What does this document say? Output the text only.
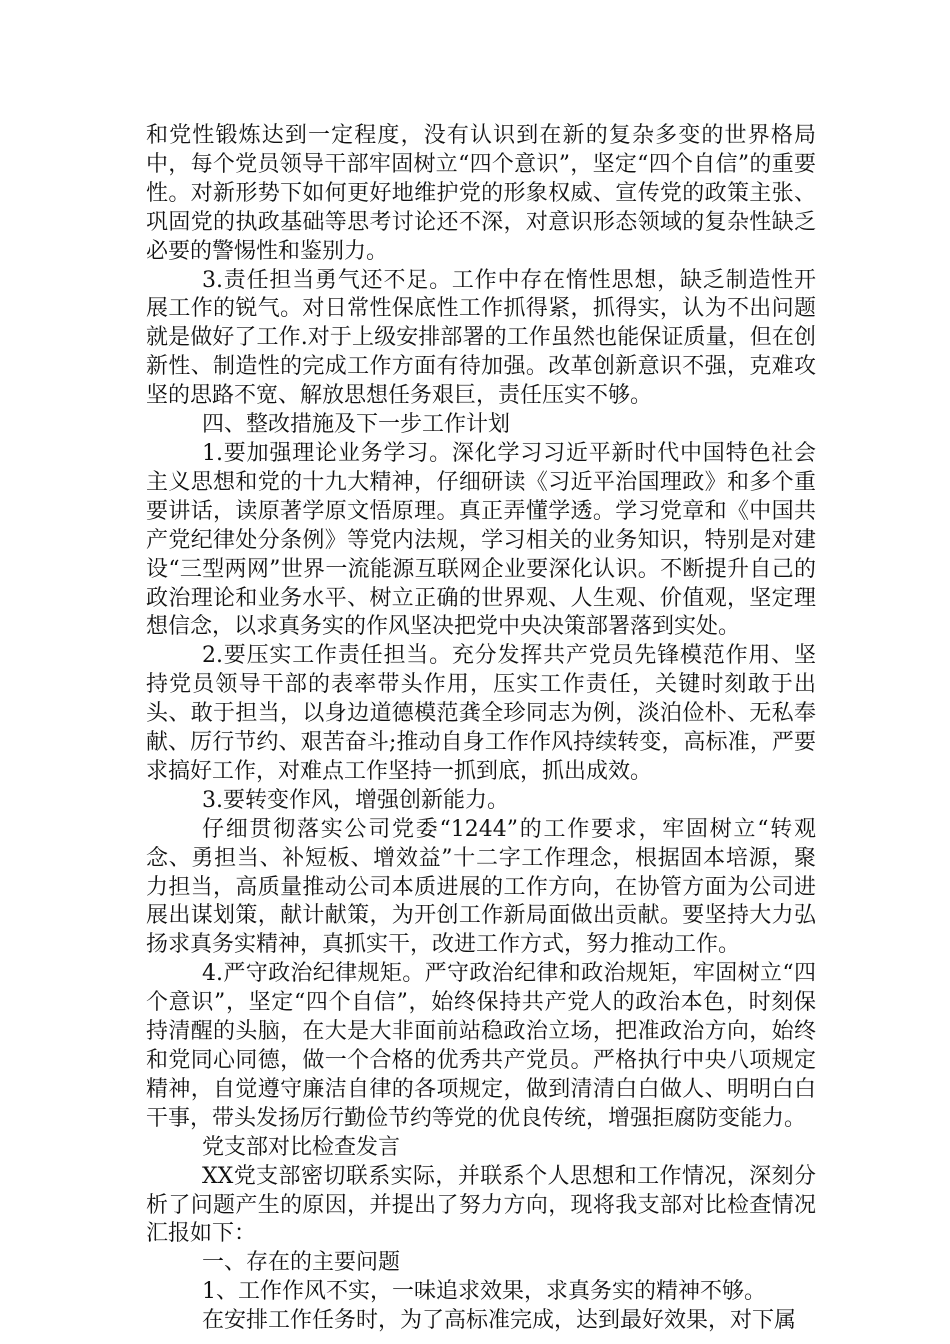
和党性锻炼达到一定程度，没有认识到在新的复杂多变的世界格局中，每个党员领导干部牢固树立“四个意识”，坚定“四个自信”的重要性。对新形势下如何更好地维护党的形象权威、宣传党的政策主张、巩固党的执政基础等思考讨论还不深，对意识形态领域的复杂性缺乏必要的警惕性和鉴别力。

3.责任担当勇气还不足。工作中存在惰性思想，缺乏制造性开展工作的锐气。对日常性保底性工作抓得紧，抓得实，认为不出问题就是做好了工作.对于上级安排部署的工作虽然也能保证质量，但在创新性、制造性的完成工作方面有待加强。改革创新意识不强，克难攻坚的思路不宽、解放思想任务艰巨，责任压实不够。

四、整改措施及下一步工作计划

1.要加强理论业务学习。深化学习习近平新时代中国特色社会主义思想和党的十九大精神，仔细研读《习近平治国理政》和多个重要讲话，读原著学原文悟原理。真正弄懂学透。学习党章和《中国共产党纪律处分条例》等党内法规，学习相关的业务知识，特别是对建设“三型两网”世界一流能源互联网企业要深化认识。不断提升自己的政治理论和业务水平、树立正确的世界观、人生观、价值观，坚定理想信念，以求真务实的作风坚决把党中央决策部署落到实处。

2.要压实工作责任担当。充分发挥共产党员先锋模范作用、坚持党员领导干部的表率带头作用，压实工作责任，关键时刻敢于出头、敢于担当，以身边道德模范龚全珍同志为例，淡泊俭朴、无私奉献、厉行节约、艰苦奋斗;推动自身工作作风持续转变，高标准，严要求搞好工作，对难点工作坚持一抓到底，抓出成效。

3.要转变作风，增强创新能力。

仔细贯彻落实公司党委“1244”的工作要求，牢固树立“转观念、勇担当、补短板、增效益”十二字工作理念，根据固本培源，聚力担当，高质量推动公司本质进展的工作方向，在协管方面为公司进展出谋划策，献计献策，为开创工作新局面做出贡献。要坚持大力弘扬求真务实精神，真抓实干，改进工作方式，努力推动工作。

4.严守政治纪律规矩。严守政治纪律和政治规矩，牢固树立“四个意识”，坚定“四个自信”，始终保持共产党人的政治本色，时刻保持清醒的头脑，在大是大非面前站稳政治立场，把准政治方向，始终和党同心同德，做一个合格的优秀共产党员。严格执行中央八项规定精神，自觉遵守廉洁自律的各项规定，做到清清白白做人、明明白白干事，带头发扬厉行勤俭节约等党的优良传统，增强拒腐防变能力。

党支部对比检查发言

XX党支部密切联系实际，并联系个人思想和工作情况，深刻分析了问题产生的原因，并提出了努力方向，现将我支部对比检查情况汇报如下：

一、存在的主要问题

1、工作作风不实，一味追求效果，求真务实的精神不够。

在安排工作任务时，为了高标准完成，达到最好效果，对下属
